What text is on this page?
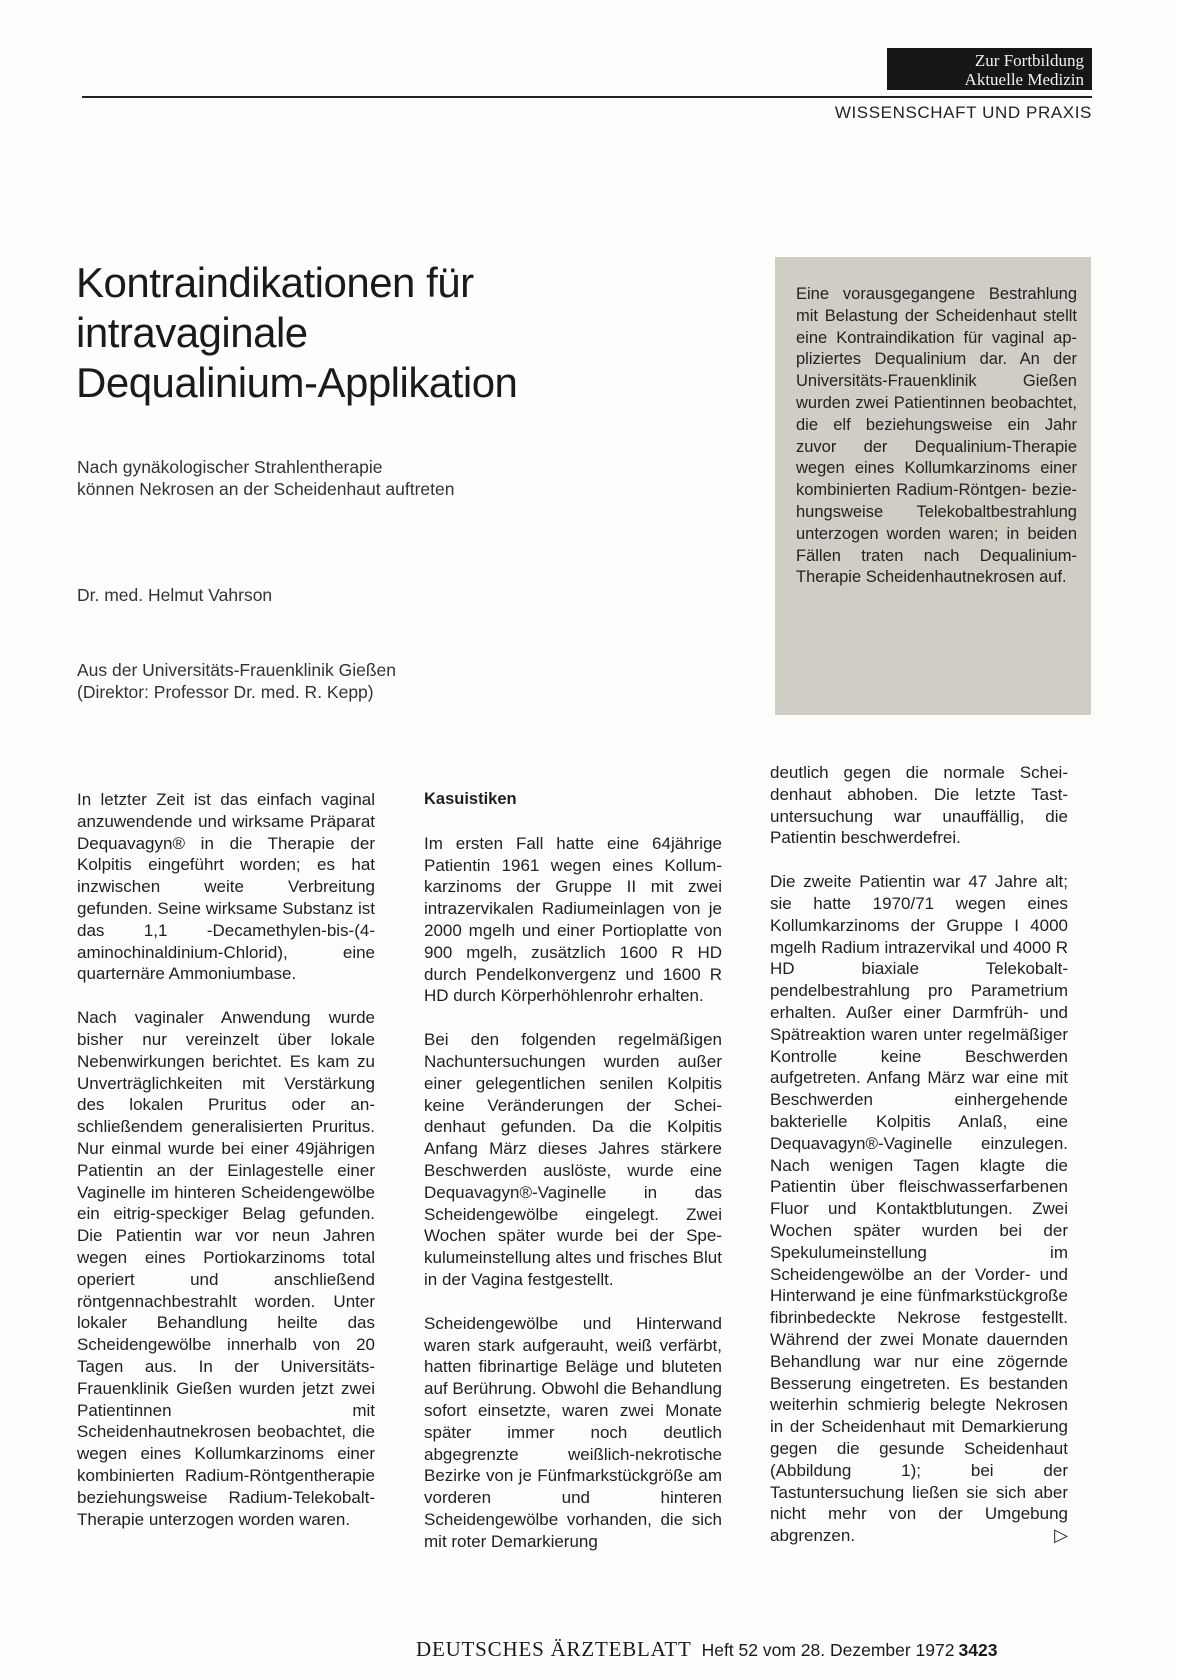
Zur Fortbildung
Aktuelle Medizin
WISSENSCHAFT UND PRAXIS
Kontraindikationen für
intravaginale
Dequalinium-Applikation
Nach gynäkologischer Strahlentherapie
können Nekrosen an der Scheidenhaut auftreten
Dr. med. Helmut Vahrson
Aus der Universitäts-Frauenklinik Gießen
(Direktor: Professor Dr. med. R. Kepp)
Eine vorausgegangene Bestrahlung mit Belastung der Scheidenhaut stellt eine Kontraindikation für vaginal appliziertes Dequalinium dar. An der Universitäts-Frauenklinik Gießen wurden zwei Patientinnen beobachtet, die elf beziehungsweise ein Jahr zuvor der Dequalinium-Therapie wegen eines Kollumkarzinoms einer kombinierten Radium-Röntgen- beziehungsweise Telekobaltbestrahlung unterzogen worden waren; in beiden Fällen traten nach Dequalinium-Therapie Scheidenhautnekrosen auf.

In letzter Zeit ist das einfach vaginal anzuwendende und wirksame Präparat Dequavagyn® in die Therapie der Kolpitis eingeführt worden; es hat inzwischen weite Verbreitung gefunden. Seine wirksame Substanz ist das 1,1 -Decamethylen-bis-(4-aminochinaldinium-Chlorid), eine quarternäre Ammoniumbase.

Nach vaginaler Anwendung wurde bisher nur vereinzelt über lokale Nebenwirkungen berichtet. Es kam zu Unverträglichkeiten mit Verstärkung des lokalen Pruritus oder anschließendem generalisierten Pruritus. Nur einmal wurde bei einer 49jährigen Patientin an der Einlagestelle einer Vaginelle im hinteren Scheidengewölbe ein eitrig-speckiger Belag gefunden. Die Patientin war vor neun Jahren wegen eines Portiokarzinoms total operiert und anschließend röntgennachbestrahlt worden. Unter lokaler Behandlung heilte das Scheidengewölbe innerhalb von 20 Tagen aus. In der Universitäts-Frauenklinik Gießen wurden jetzt zwei Patientinnen mit Scheidenhautnekrosen beobachtet, die wegen eines Kollumkarzinoms einer kombinierten Radium-Röntgentherapie beziehungsweise Radium-Telekobalt-Therapie unterzogen worden waren.

Kasuistiken

Im ersten Fall hatte eine 64jährige Patientin 1961 wegen eines Kollumkarzinoms der Gruppe II mit zwei intrazervikalen Radiumeinlagen von je 2000 mgelh und einer Portioplatte von 900 mgelh, zusätzlich 1600 R HD durch Pendelkonvergenz und 1600 R HD durch Körperhöhlenrohr erhalten.

Bei den folgenden regelmäßigen Nachuntersuchungen wurden außer einer gelegentlichen senilen Kolpitis keine Veränderungen der Scheidenhaut gefunden. Da die Kolpitis Anfang März dieses Jahres stärkere Beschwerden auslöste, wurde eine Dequavagyn®-Vaginelle in das Scheidengewölbe eingelegt. Zwei Wochen später wurde bei der Spekulumeinstellung altes und frisches Blut in der Vagina festgestellt.

Scheidengewölbe und Hinterwand waren stark aufgerauht, weiß verfärbt, hatten fibrinartige Beläge und bluteten auf Berührung. Obwohl die Behandlung sofort einsetzte, waren zwei Monate später immer noch deutlich abgegrenzte weißlich-nekrotische Bezirke von je Fünfmarkstückgröße am vorderen und hinteren Scheidengewölbe vorhanden, die sich mit roter Demarkierung

deutlich gegen die normale Scheidenhaut abhoben. Die letzte Tastuntersuchung war unauffällig, die Patientin beschwerdefrei.

Die zweite Patientin war 47 Jahre alt; sie hatte 1970/71 wegen eines Kollumkarzinoms der Gruppe I 4000 mgelh Radium intrazervikal und 4000 R HD biaxiale Telekobaltpendelbestrahlung pro Parametrium erhalten. Außer einer Darmfrüh- und Spätreaktion waren unter regelmäßiger Kontrolle keine Beschwerden aufgetreten. Anfang März war eine mit Beschwerden einhergehende bakterielle Kolpitis Anlaß, eine Dequavagyn®-Vaginelle einzulegen. Nach wenigen Tagen klagte die Patientin über fleischwasserfarbenen Fluor und Kontaktblutungen. Zwei Wochen später wurden bei der Spekulumeinstellung im Scheidengewölbe an der Vorder- und Hinterwand je eine fünfmarkstückgroße fibrinbedeckte Nekrose festgestellt. Während der zwei Monate dauernden Behandlung war nur eine zögernde Besserung eingetreten. Es bestanden weiterhin schmierig belegte Nekrosen in der Scheidenhaut mit Demarkierung gegen die gesunde Scheidenhaut (Abbildung 1); bei der Tastuntersuchung ließen sie sich aber nicht mehr von der Umgebung abgrenzen.	▷

DEUTSCHES ÄRZTEBLATT Heft 52 vom 28. Dezember 1972 3423
